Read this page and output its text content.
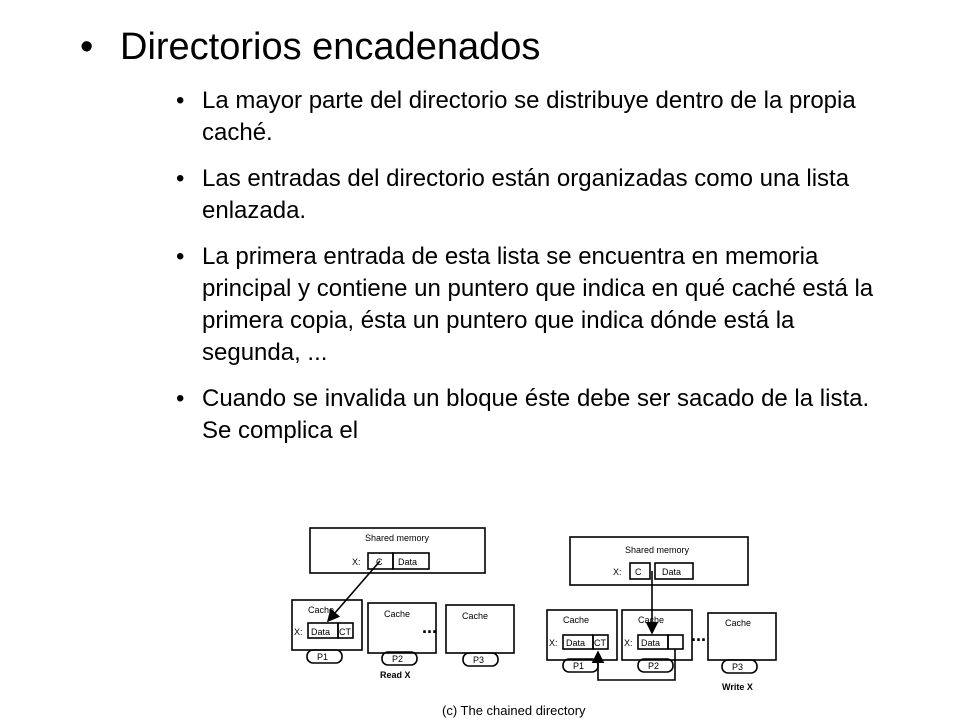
• Directorios encadenados
• La mayor parte del directorio se distribuye dentro de la propia caché.
• Las entradas del directorio están organizadas como una lista enlazada.
• La primera entrada de esta lista se encuentra en memoria principal y contiene un puntero que indica en qué caché está la primera copia, ésta un puntero que indica dónde está la segunda, ...
• Cuando se invalida un bloque éste debe ser sacado de la lista. Se complica el
Shared memory
X: C Data
Cache	Cache	Cache
X: Data CT
P1	P2	P3
Read X
...
Shared memory
X: C Data
Cache	Cache	Cache
X: Data CT X: Data
P1	P2	P3
Write X
...
(c) The chained directory
